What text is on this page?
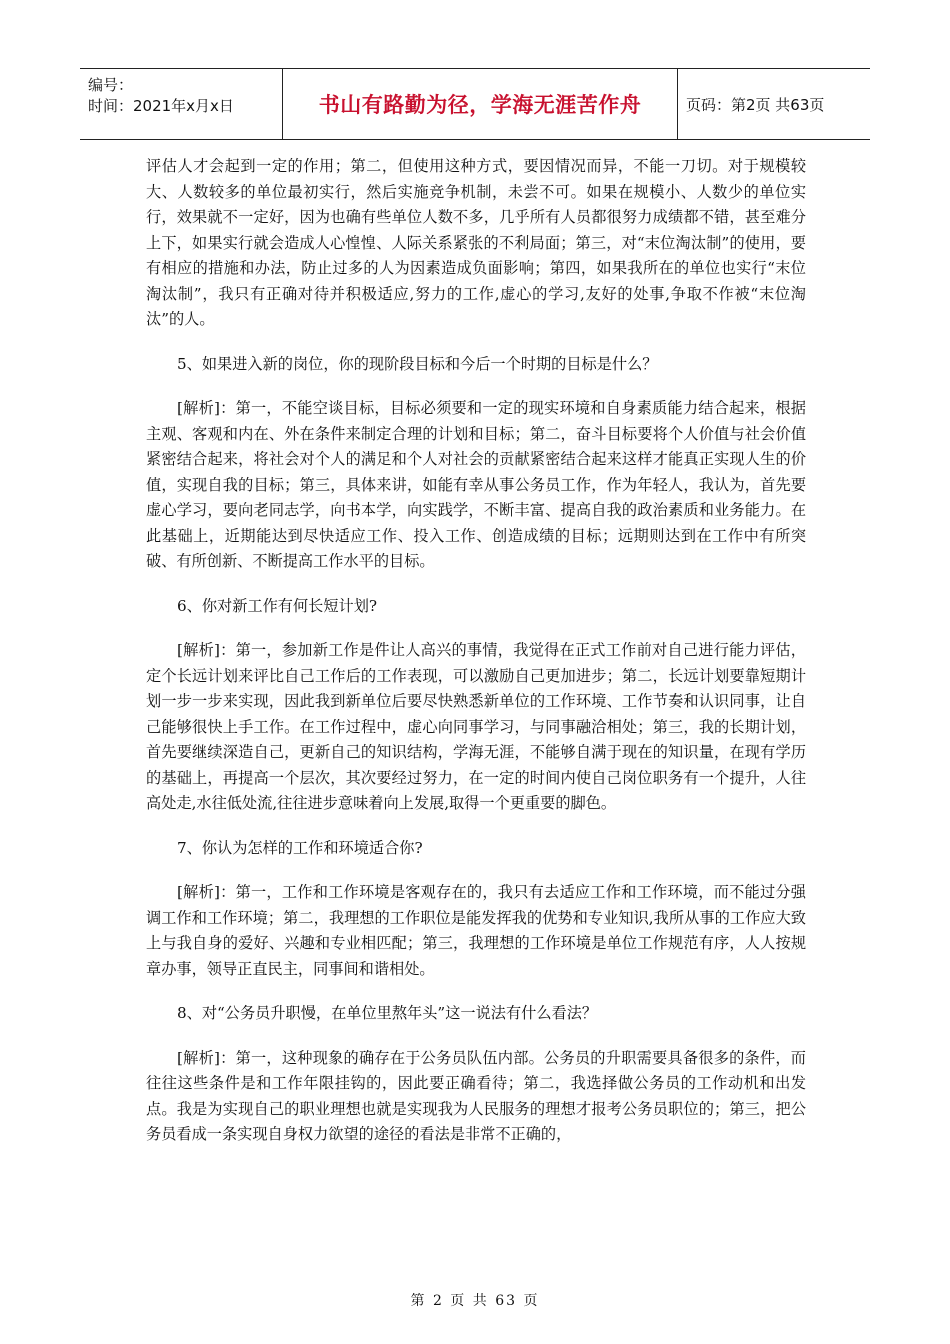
编号：
时间：2021年x月x日	书山有路勤为径，学海无涯苦作舟	页码：第2页 共63页

评估人才会起到一定的作用；第二，但使用这种方式，要因情况而异，不能一刀切。对于规模较大、人数较多的单位最初实行，然后实施竞争机制，未尝不可。如果在规模小、人数少的单位实行，效果就不一定好，因为也确有些单位人数不多，几乎所有人员都很努力成绩都不错，甚至难分上下，如果实行就会造成人心惶惶、人际关系紧张的不利局面；第三，对“末位淘汰制”的使用，要有相应的措施和办法，防止过多的人为因素造成负面影响；第四，如果我所在的单位也实行“末位淘汰制”，我只有正确对待并积极适应,努力的工作,虚心的学习,友好的处事,争取不作被“末位淘汰”的人。

5、如果进入新的岗位，你的现阶段目标和今后一个时期的目标是什么？

[解析]：第一，不能空谈目标，目标必须要和一定的现实环境和自身素质能力结合起来，根据主观、客观和内在、外在条件来制定合理的计划和目标；第二，奋斗目标要将个人价值与社会价值紧密结合起来，将社会对个人的满足和个人对社会的贡献紧密结合起来这样才能真正实现人生的价值，实现自我的目标；第三，具体来讲，如能有幸从事公务员工作，作为年轻人，我认为，首先要虚心学习，要向老同志学，向书本学，向实践学，不断丰富、提高自我的政治素质和业务能力。在此基础上，近期能达到尽快适应工作、投入工作、创造成绩的目标；远期则达到在工作中有所突破、有所创新、不断提高工作水平的目标。

6、你对新工作有何长短计划?

[解析]：第一，参加新工作是件让人高兴的事情，我觉得在正式工作前对自己进行能力评估，定个长远计划来评比自己工作后的工作表现，可以激励自己更加进步；第二，长远计划要靠短期计划一步一步来实现，因此我到新单位后要尽快熟悉新单位的工作环境、工作节奏和认识同事，让自己能够很快上手工作。在工作过程中，虚心向同事学习，与同事融洽相处；第三，我的长期计划，首先要继续深造自己，更新自己的知识结构，学海无涯，不能够自满于现在的知识量，在现有学历的基础上，再提高一个层次，其次要经过努力，在一定的时间内使自己岗位职务有一个提升，人往高处走,水往低处流,往往进步意味着向上发展,取得一个更重要的脚色。

7、你认为怎样的工作和环境适合你?

[解析]：第一，工作和工作环境是客观存在的，我只有去适应工作和工作环境，而不能过分强调工作和工作环境；第二，我理想的工作职位是能发挥我的优势和专业知识,我所从事的工作应大致上与我自身的爱好、兴趣和专业相匹配；第三，我理想的工作环境是单位工作规范有序，人人按规章办事，领导正直民主，同事间和谐相处。

8、对“公务员升职慢，在单位里熬年头”这一说法有什么看法？

[解析]：第一，这种现象的确存在于公务员队伍内部。公务员的升职需要具备很多的条件，而往往这些条件是和工作年限挂钩的，因此要正确看待；第二，我选择做公务员的工作动机和出发点。我是为实现自己的职业理想也就是实现我为人民服务的理想才报考公务员职位的；第三，把公务员看成一条实现自身权力欲望的途径的看法是非常不正确的，

第 2 页 共 63 页
